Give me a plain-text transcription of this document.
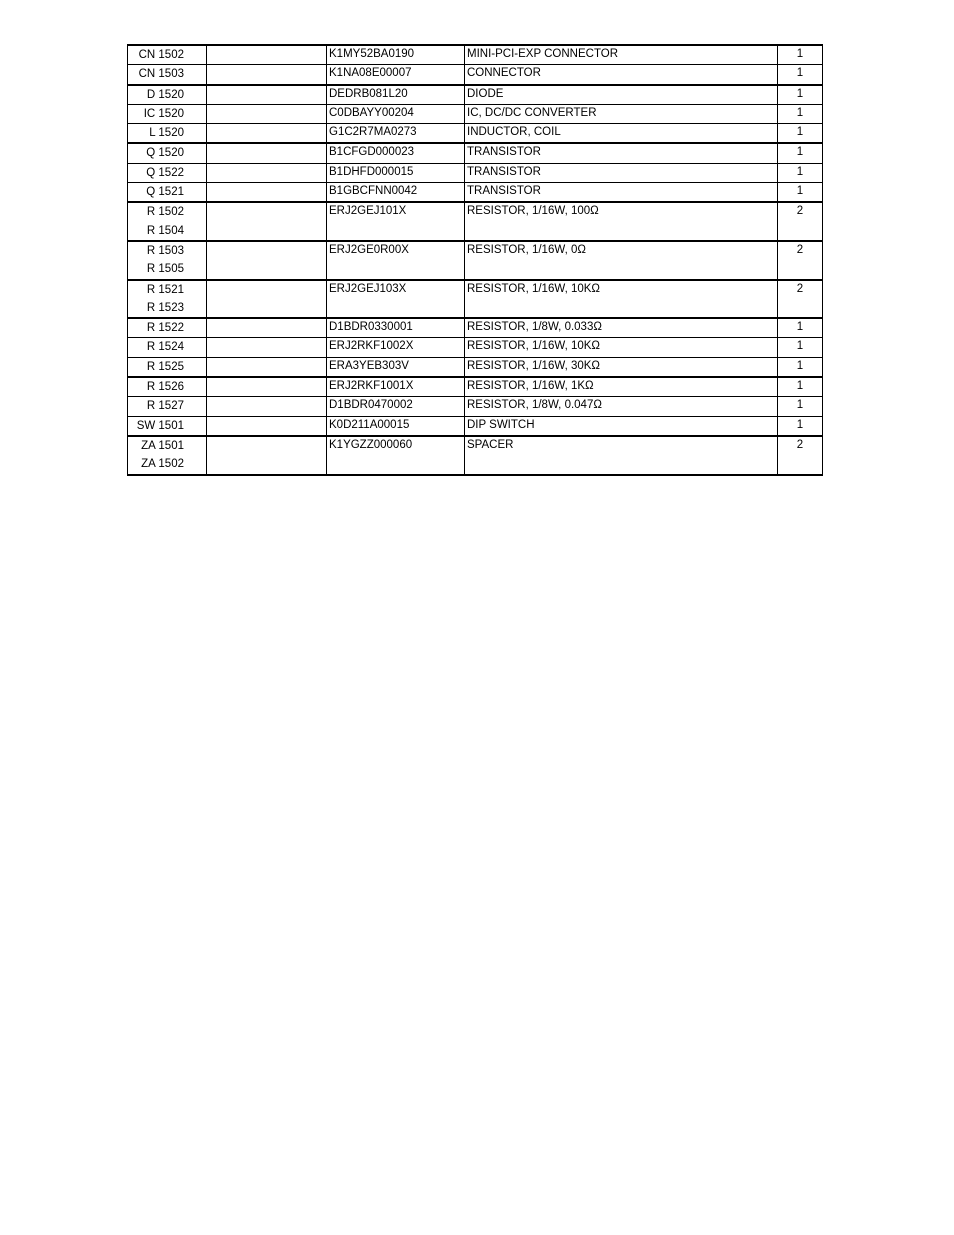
CN 1502		K1MY52BA0190	MINI-PCI-EXP CONNECTOR	1

CN 1503		K1NA08E00007	CONNECTOR	1

D 1520		DEDRB081L20	DIODE	1

IC 1520		C0DBAYY00204	IC, DC/DC CONVERTER	1

L 1520		G1C2R7MA0273	INDUCTOR, COIL	1

Q 1520		B1CFGD000023	TRANSISTOR	1

Q 1522		B1DHFD000015	TRANSISTOR	1

Q 1521		B1GBCFNN0042	TRANSISTOR	1

R 1502
R 1504		ERJ2GEJ101X	RESISTOR, 1/16W, 100Ω	2

R 1503
R 1505		ERJ2GE0R00X	RESISTOR, 1/16W, 0Ω	2

R 1521
R 1523		ERJ2GEJ103X	RESISTOR, 1/16W, 10KΩ	2

R 1522		D1BDR0330001	RESISTOR, 1/8W, 0.033Ω	1

R 1524		ERJ2RKF1002X	RESISTOR, 1/16W, 10KΩ	1

R 1525		ERA3YEB303V	RESISTOR, 1/16W, 30KΩ	1

R 1526		ERJ2RKF1001X	RESISTOR, 1/16W, 1KΩ	1

R 1527		D1BDR0470002	RESISTOR, 1/8W, 0.047Ω	1

SW 1501		K0D211A00015	DIP SWITCH	1

ZA 1501
ZA 1502		K1YGZZ000060	SPACER	2
